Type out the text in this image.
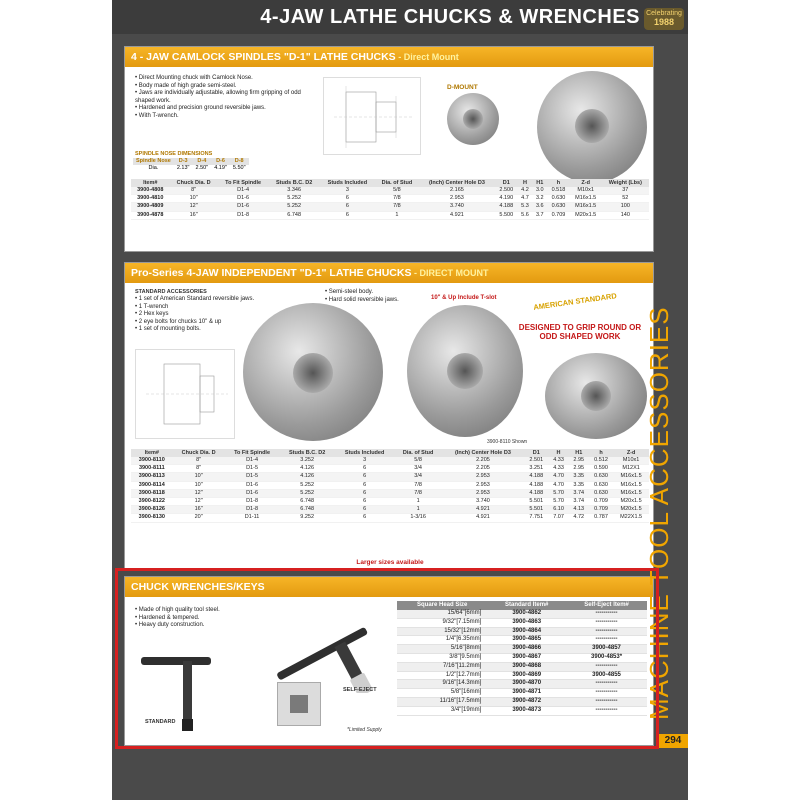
4-JAW LATHE CHUCKS & WRENCHES Celebrating
1988
4 - JAW CAMLOCK SPINDLES "D-1" LATHE CHUCKS - Direct Mount
• Direct Mounting chuck with Camlock Nose.
• Body made of high grade semi-steel.
• Jaws are individually adjustable, allowing firm gripping of odd shaped work.
• Hardened and precision ground reversible jaws.
• With T-wrench.
D-MOUNT
SPINDLE NOSE DIMENSIONS
Spindle Nose	D-3	D-4	D-6	D-8
Dia.	2.13"	2.50"	4.19"	5.50"
Item#	Chuck Dia. D	To Fit Spindle	Studs B.C. D2	Studs Included	Dia. of Stud	(Inch) Center Hole D3	D1	H	H1	h	Z-d	Weight (Lbs)
3900-4808	8"	D1-4	3.346	3	5/8	2.165	2.500	4.2	3.0	0.518	M10x1	37
3900-4810	10"	D1-6	5.252	6	7/8	2.953	4.190	4.7	3.2	0.630	M16x1.5	52
3900-4809	12"	D1-6	5.252	6	7/8	3.740	4.188	5.3	3.6	0.630	M16x1.5	100
3900-4878	16"	D1-8	6.748	6	1	4.921	5.500	5.6	3.7	0.709	M20x1.5	140
Pro-Series 4-JAW INDEPENDENT "D-1" LATHE CHUCKS - DIRECT MOUNT
STANDARD ACCESSORIES
• 1 set of American Standard reversible jaws.
• 1 T-wrench
• 2 Hex keys
• 2 eye bolts for chucks 10" & up
• 1 set of mounting bolts.
• Semi-steel body.
• Hard solid reversible jaws.	10" & Up Include T-slot	AMERICAN STANDARD
DESIGNED TO GRIP ROUND OR ODD SHAPED WORK
3900-8110 Shown
Item#	Chuck Dia. D	To Fit Spindle	Studs B.C. D2	Studs Included	Dia. of Stud	(Inch) Center Hole D3	D1	H	H1	h	Z-d
3900-8110	8"	D1-4	3.252	3	5/8	2.205	2.501	4.33	2.95	0.512	M10x1
3900-8111	8"	D1-5	4.126	6	3/4	2.205	3.251	4.33	2.95	0.590	M12X1
3900-8113	10"	D1-5	4.126	6	3/4	2.953	4.188	4.70	3.35	0.630	M16x1.5
3900-8114	10"	D1-6	5.252	6	7/8	2.953	4.188	4.70	3.35	0.630	M16x1.5
3900-8118	12"	D1-6	5.252	6	7/8	2.953	4.188	5.70	3.74	0.630	M16x1.5
3900-8122	12"	D1-8	6.748	6	1	3.740	5.501	5.70	3.74	0.709	M20x1.5
3900-8126	16"	D1-8	6.748	6	1	4.921	5.501	6.10	4.13	0.709	M20x1.5
3900-8130	20"	D1-11	9.252	6	1-3/16	4.921	7.751	7.07	4.72	0.787	M22X1.5
Larger sizes available
CHUCK WRENCHES/KEYS
• Made of high quality tool steel.
• Hardened & tempered.
• Heavy duty construction.
STANDARD
SELF-EJECT
*Limited Supply
Square Head Size	Standard Item#	Self-Eject Item#
15/64"[6mm]	3900-4862	-----------
9/32"[7.15mm]	3900-4863	-----------
15/32"[12mm]	3900-4864	-----------
1/4"[6.35mm]	3900-4865	-----------
5/16"[8mm]	3900-4866	3900-4857
3/8"[9.5mm]	3900-4867	3900-4853*
7/16"[11.2mm]	3900-4868	-----------
1/2"[12.7mm]	3900-4869	3900-4855
9/16"[14.3mm]	3900-4870	-----------
5/8"[16mm]	3900-4871	-----------
11/16"[17.5mm]	3900-4872	-----------
3/4"[19mm]	3900-4873	----------- MACHINE TOOL ACCESSORIES
294
